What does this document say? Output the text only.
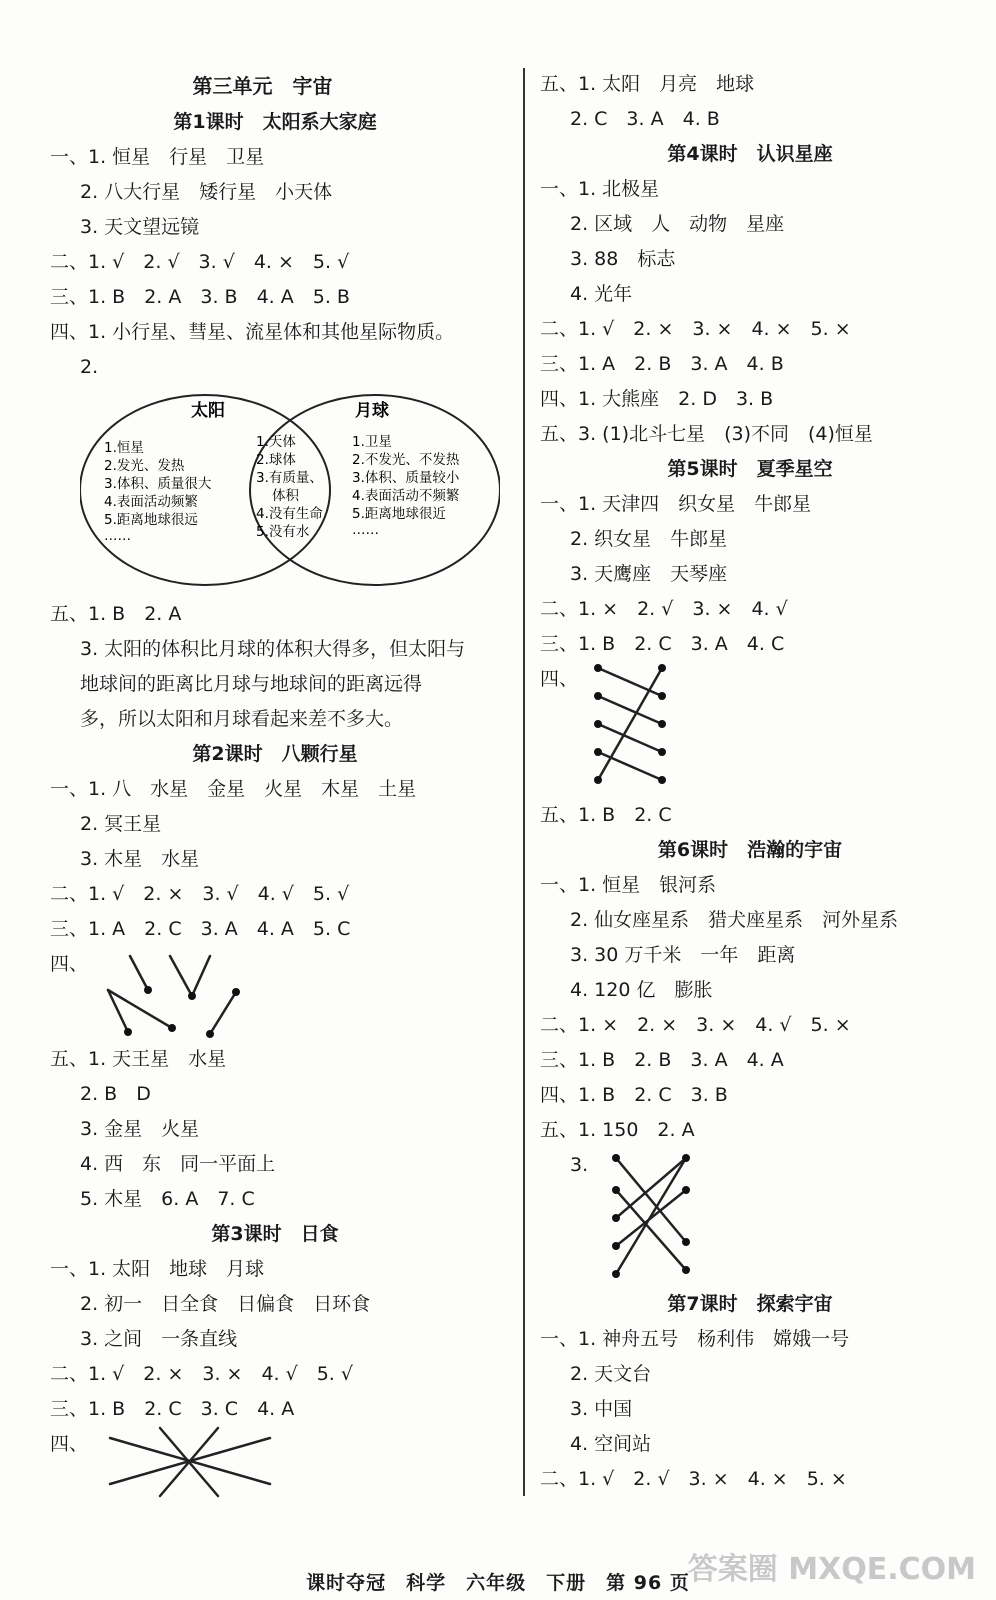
第三单元　宇宙
第1课时　太阳系大家庭
一、1. 恒星　行星　卫星
2. 八大行星　矮行星　小天体
3. 天文望远镜
二、1. √　2. √　3. √　4. ×　5. √
三、1. B　2. A　3. B　4. A　5. B
四、1. 小行星、彗星、流星体和其他星际物质。
2.
太阳	月球
1.恒星
2.发光、发热
3.体积、质量很大
4.表面活动频繁
5.距离地球很远
……
1.天体
2.球体
3.有质量、
体积
4.没有生命
5.没有水
1.卫星
2.不发光、不发热
3.体积、质量较小
4.表面活动不频繁
5.距离地球很近
……
五、1. B　2. A
3. 太阳的体积比月球的体积大得多，但太阳与
地球间的距离比月球与地球间的距离远得
多，所以太阳和月球看起来差不多大。
第2课时　八颗行星
一、1. 八　水星　金星　火星　木星　土星
2. 冥王星
3. 木星　水星
二、1. √　2. ×　3. √　4. √　5. √
三、1. A　2. C　3. A　4. A　5. C
四、
五、1. 天王星　水星
2. B　D
3. 金星　火星
4. 西　东　同一平面上
5. 木星　6. A　7. C
第3课时　日食
一、1. 太阳　地球　月球
2. 初一　日全食　日偏食　日环食
3. 之间　一条直线
二、1. √　2. ×　3. ×　4. √　5. √
三、1. B　2. C　3. C　4. A
四、
五、1. 太阳　月亮　地球
2. C　3. A　4. B
第4课时　认识星座
一、1. 北极星
2. 区域　人　动物　星座
3. 88　标志
4. 光年
二、1. √　2. ×　3. ×　4. ×　5. ×
三、1. A　2. B　3. A　4. B
四、1. 大熊座　2. D　3. B
五、3. (1)北斗七星　(3)不同　(4)恒星
第5课时　夏季星空
一、1. 天津四　织女星　牛郎星
2. 织女星　牛郎星
3. 天鹰座　天琴座
二、1. ×　2. √　3. ×　4. √
三、1. B　2. C　3. A　4. C
四、
五、1. B　2. C
第6课时　浩瀚的宇宙
一、1. 恒星　银河系
2. 仙女座星系　猎犬座星系　河外星系
3. 30 万千米　一年　距离
4. 120 亿　膨胀
二、1. ×　2. ×　3. ×　4. √　5. ×
三、1. B　2. B　3. A　4. A
四、1. B　2. C　3. B
五、1. 150　2. A
3.
第7课时　探索宇宙
一、1. 神舟五号　杨利伟　嫦娥一号
2. 天文台
3. 中国
4. 空间站
二、1. √　2. √　3. ×　4. ×　5. ×
课时夺冠　科学　六年级　下册　第 96 页
答案圈 MXQE.COM
